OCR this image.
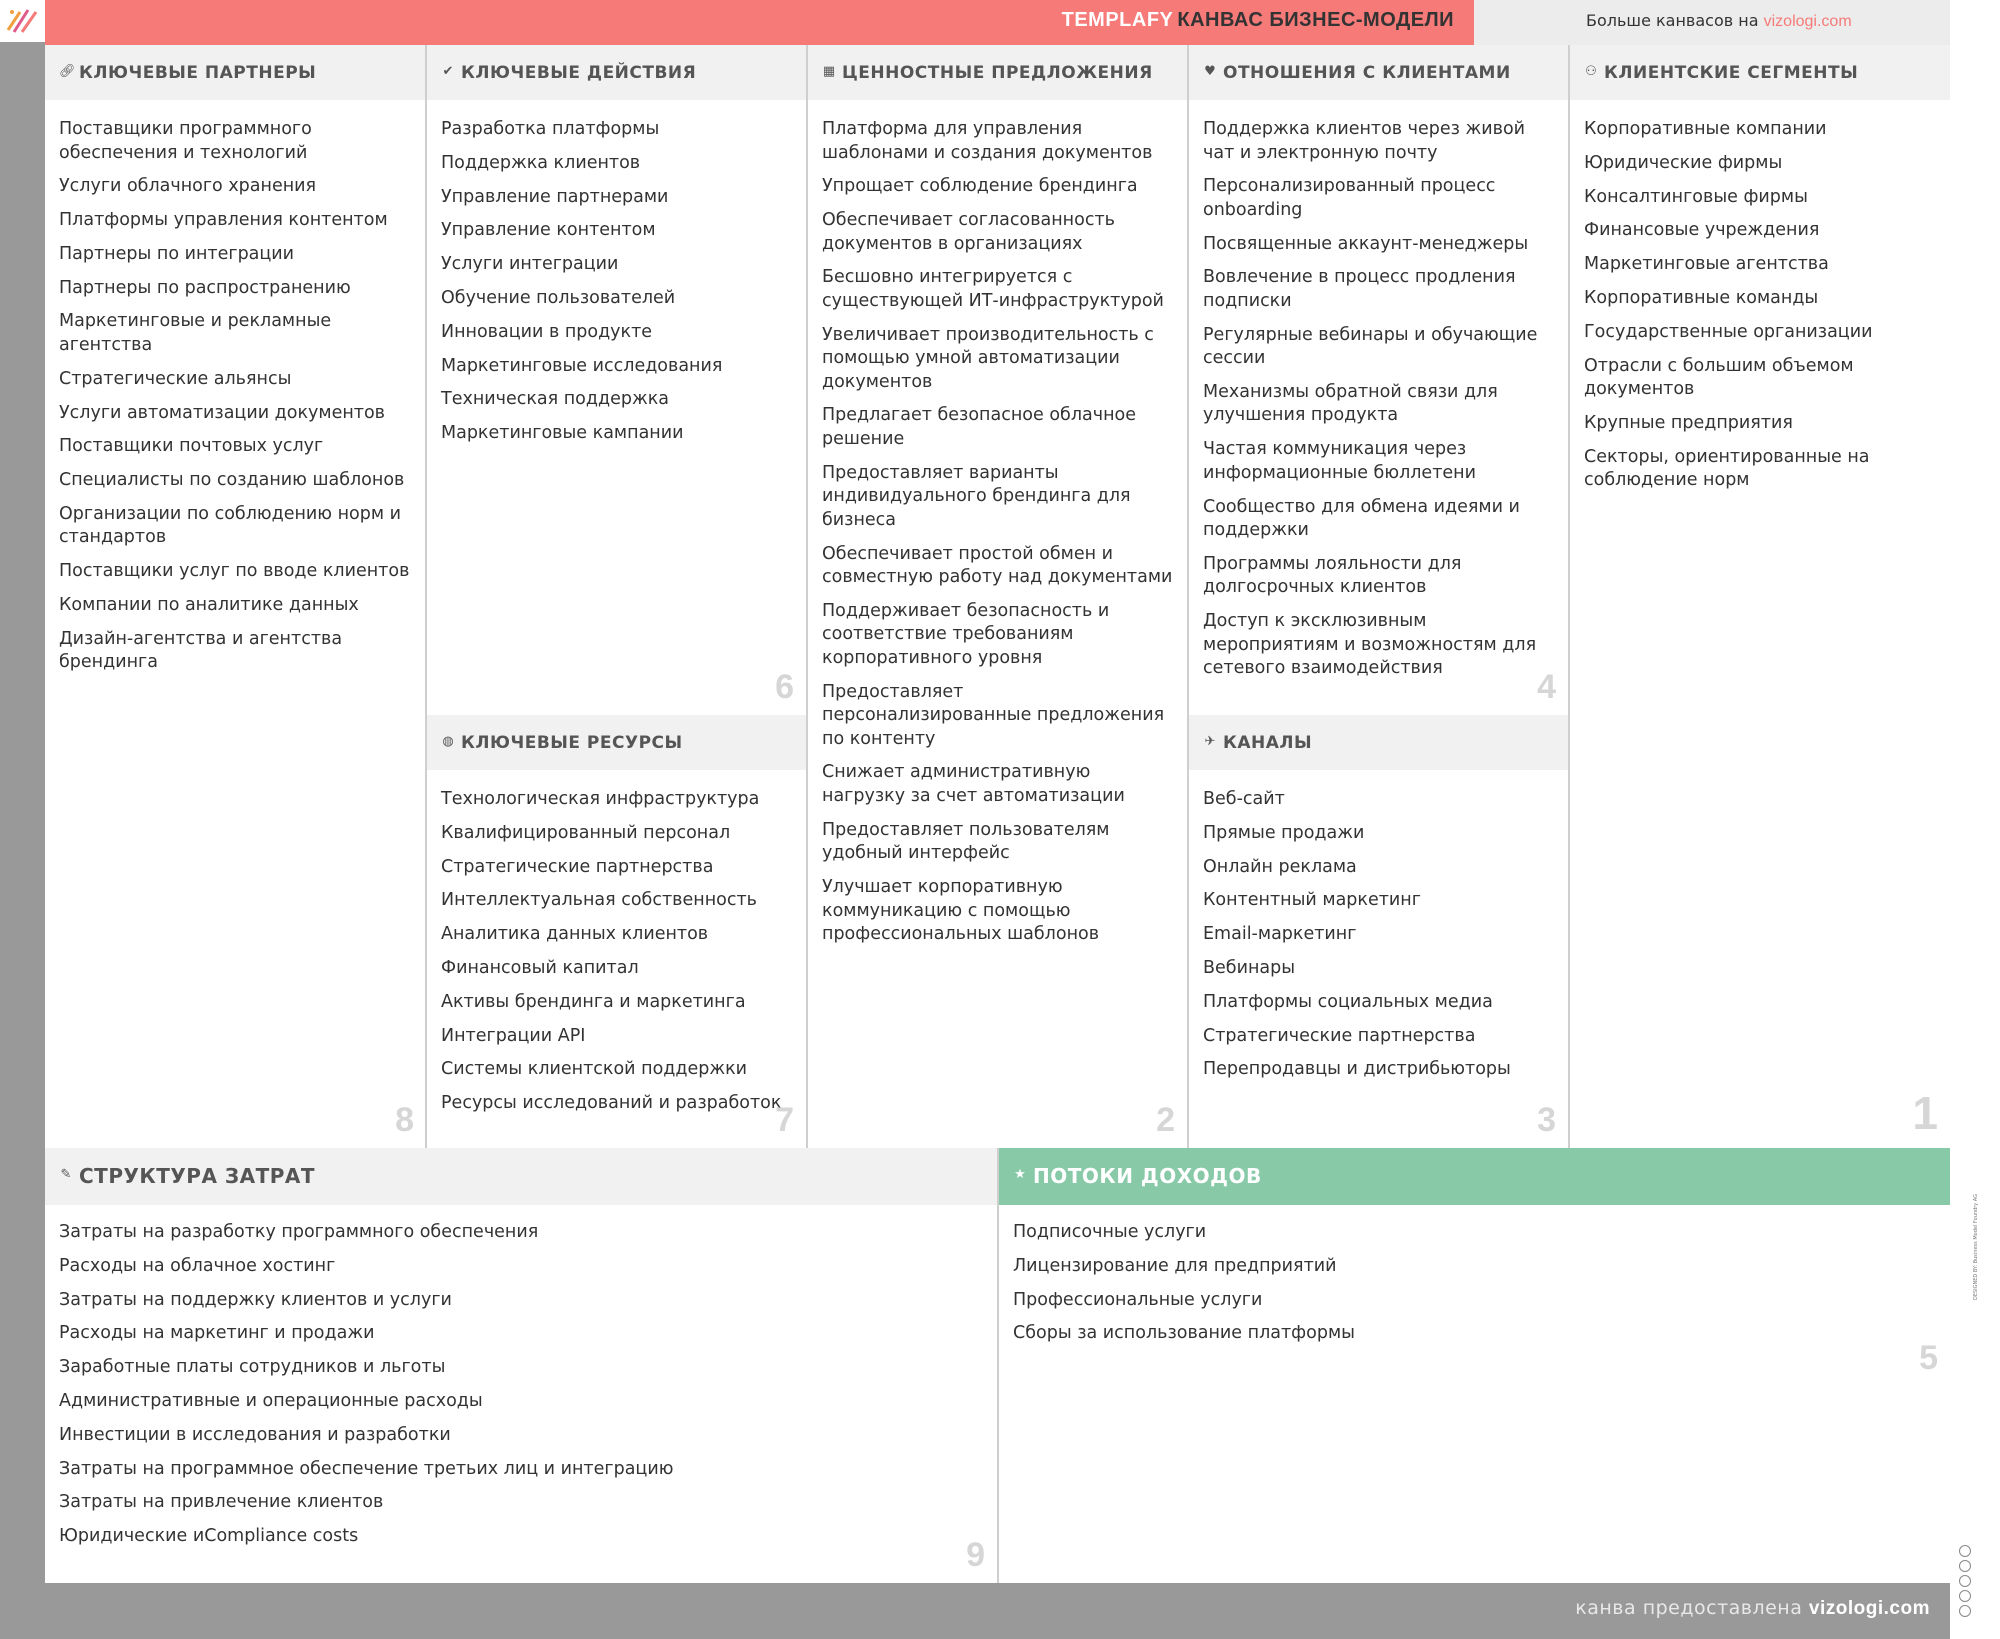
канва предоставлена vizologi.com
TEMPLAFY КАНВАС БИЗНЕС-МОДЕЛИ	Больше канвасов на vizologi.com
🔗︎ КЛЮЧЕВЫЕ ПАРТНЕРЫ
Поставщики программного обеспечения и технологий
Услуги облачного хранения
Платформы управления контентом
Партнеры по интеграции
Партнеры по распространению
Маркетинговые и рекламные агентства
Стратегические альянсы
Услуги автоматизации документов
Поставщики почтовых услуг
Специалисты по созданию шаблонов
Организации по соблюдению норм и стандартов
Поставщики услуг по вводе клиентов
Компании по аналитике данных
Дизайн-агентства и агентства брендинга
8
✔ КЛЮЧЕВЫЕ ДЕЙСТВИЯ
Разработка платформы
Поддержка клиентов
Управление партнерами
Управление контентом
Услуги интеграции
Обучение пользователей
Инновации в продукте
Маркетинговые исследования
Техническая поддержка
Маркетинговые кампании
6
◍ КЛЮЧЕВЫЕ РЕСУРСЫ
Технологическая инфраструктура
Квалифицированный персонал
Стратегические партнерства
Интеллектуальная собственность
Аналитика данных клиентов
Финансовый капитал
Активы брендинга и маркетинга
Интеграции API
Системы клиентской поддержки
Ресурсы исследований и разработок
7
▦ ЦЕННОСТНЫЕ ПРЕДЛОЖЕНИЯ
Платформа для управления шаблонами и создания документов
Упрощает соблюдение брендинга
Обеспечивает согласованность документов в организациях
Бесшовно интегрируется с существующей ИТ-инфраструктурой
Увеличивает производительность с помощью умной автоматизации документов
Предлагает безопасное облачное решение
Предоставляет варианты индивидуального брендинга для бизнеса
Обеспечивает простой обмен и совместную работу над документами
Поддерживает безопасность и соответствие требованиям корпоративного уровня
Предоставляет персонализированные предложения по контенту
Снижает административную нагрузку за счет автоматизации
Предоставляет пользователям удобный интерфейс
Улучшает корпоративную коммуникацию с помощью профессиональных шаблонов
2
♥ ОТНОШЕНИЯ С КЛИЕНТАМИ
Поддержка клиентов через живой чат и электронную почту
Персонализированный процесс onboarding
Посвященные аккаунт-менеджеры
Вовлечение в процесс продления подписки
Регулярные вебинары и обучающие сессии
Механизмы обратной связи для улучшения продукта
Частая коммуникация через информационные бюллетени
Сообщество для обмена идеями и поддержки
Программы лояльности для долгосрочных клиентов
Доступ к эксклюзивным мероприятиям и возможностям для сетевого взаимодействия	4
✈ КАНАЛЫ
Веб-сайт
Прямые продажи
Онлайн реклама
Контентный маркетинг
Email-маркетинг
Вебинары
Платформы социальных медиа
Стратегические партнерства
Перепродавцы и дистрибьюторы
3
⚇ КЛИЕНТСКИЕ СЕГМЕНТЫ
Корпоративные компании
Юридические фирмы
Консалтинговые фирмы
Финансовые учреждения
Маркетинговые агентства
Корпоративные команды
Государственные организации
Отрасли с большим объемом документов
Крупные предприятия
Секторы, ориентированные на соблюдение норм
1
✎ СТРУКТУРА ЗАТРАТ
Затраты на разработку программного обеспечения
Расходы на облачное хостинг
Затраты на поддержку клиентов и услуги
Расходы на маркетинг и продажи
Заработные платы сотрудников и льготы
Административные и операционные расходы
Инвестиции в исследования и разработки
Затраты на программное обеспечение третьих лиц и интеграцию
Затраты на привлечение клиентов
Юридические иCompliance costs	9
★ ПОТОКИ ДОХОДОВ
Подписочные услуги
Лицензирование для предприятий
Профессиональные услуги
Сборы за использование платформы
5
DESIGNED BY: Business Model Foundry AG
